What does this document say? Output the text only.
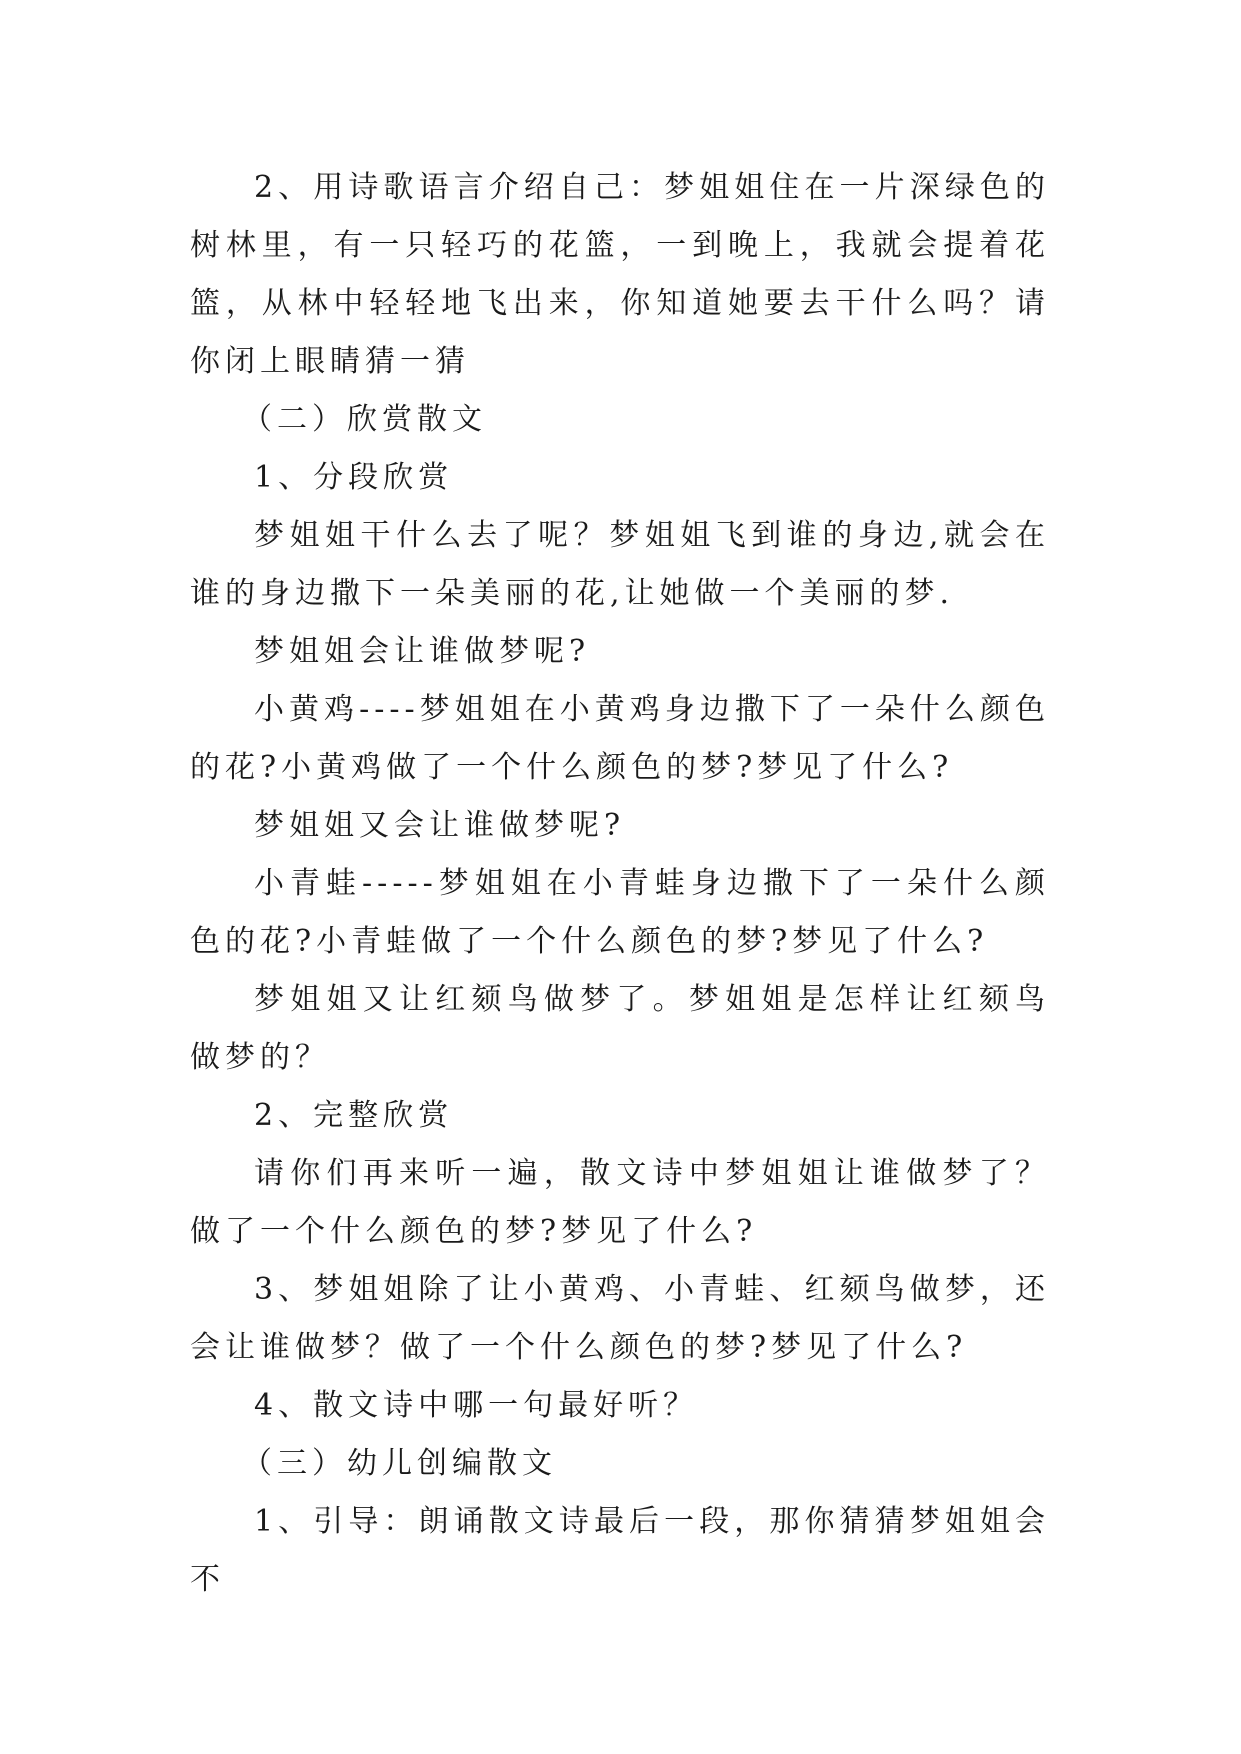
2、用诗歌语言介绍自己：梦姐姐住在一片深绿色的树林里，有一只轻巧的花篮，一到晚上，我就会提着花篮，从林中轻轻地飞出来，你知道她要去干什么吗？请你闭上眼睛猜一猜

（二）欣赏散文

1、分段欣赏

梦姐姐干什么去了呢？梦姐姐飞到谁的身边,就会在谁的身边撒下一朵美丽的花,让她做一个美丽的梦.

梦姐姐会让谁做梦呢?

小黄鸡----梦姐姐在小黄鸡身边撒下了一朵什么颜色的花?小黄鸡做了一个什么颜色的梦?梦见了什么?

梦姐姐又会让谁做梦呢?

小青蛙-----梦姐姐在小青蛙身边撒下了一朵什么颜色的花?小青蛙做了一个什么颜色的梦?梦见了什么?

梦姐姐又让红颏鸟做梦了。梦姐姐是怎样让红颏鸟做梦的？

2、完整欣赏

请你们再来听一遍，散文诗中梦姐姐让谁做梦了？做了一个什么颜色的梦?梦见了什么?

3、梦姐姐除了让小黄鸡、小青蛙、红颏鸟做梦，还会让谁做梦？做了一个什么颜色的梦?梦见了什么?

4、散文诗中哪一句最好听？

（三）幼儿创编散文

1、引导：朗诵散文诗最后一段，那你猜猜梦姐姐会不
